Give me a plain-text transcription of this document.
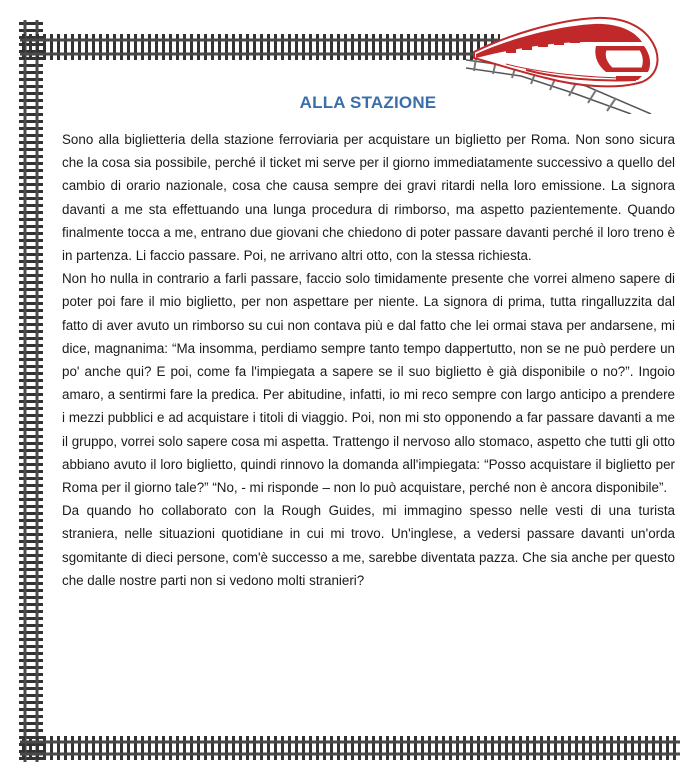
ALLA STAZIONE

Sono alla biglietteria della stazione ferroviaria per acquistare un biglietto per Roma. Non sono sicura che la cosa sia possibile, perché il ticket mi serve per il giorno immediatamente successivo a quello del cambio di orario nazionale, cosa che causa sempre dei gravi ritardi nella loro emissione. La signora davanti a me sta effettuando una lunga procedura di rimborso, ma aspetto pazientemente. Quando finalmente tocca a me, entrano due giovani che chiedono di poter passare davanti perché il loro treno è in partenza. Li faccio passare. Poi, ne arrivano altri otto, con la stessa richiesta.

Non ho nulla in contrario a farli passare, faccio solo timidamente presente che vorrei almeno sapere di poter poi fare il mio biglietto, per non aspettare per niente. La signora di prima, tutta ringalluzzita dal fatto di aver avuto un rimborso su cui non contava più e dal fatto che lei ormai stava per andarsene, mi dice, magnanima: “Ma insomma, perdiamo sempre tanto tempo dappertutto, non se ne può perdere un po' anche qui? E poi, come fa l'impiegata a sapere se il suo biglietto è già disponibile o no?”. Ingoio amaro, a sentirmi fare la predica. Per abitudine, infatti, io mi reco sempre con largo anticipo a prendere i mezzi pubblici e ad acquistare i titoli di viaggio. Poi, non mi sto opponendo a far passare davanti a me il gruppo, vorrei solo sapere cosa mi aspetta. Trattengo il nervoso allo stomaco, aspetto che tutti gli otto abbiano avuto il loro biglietto, quindi rinnovo la domanda all'impiegata: “Posso acquistare il biglietto per Roma per il giorno tale?” “No, - mi risponde – non lo può acquistare, perché non è ancora disponibile”.

Da quando ho collaborato con la Rough Guides, mi immagino spesso nelle vesti di una turista straniera, nelle situazioni quotidiane in cui mi trovo. Un'inglese, a vedersi passare davanti un'orda sgomitante di dieci persone, com'è successo a me, sarebbe diventata pazza. Che sia anche per questo che dalle nostre parti non si vedono molti stranieri?
